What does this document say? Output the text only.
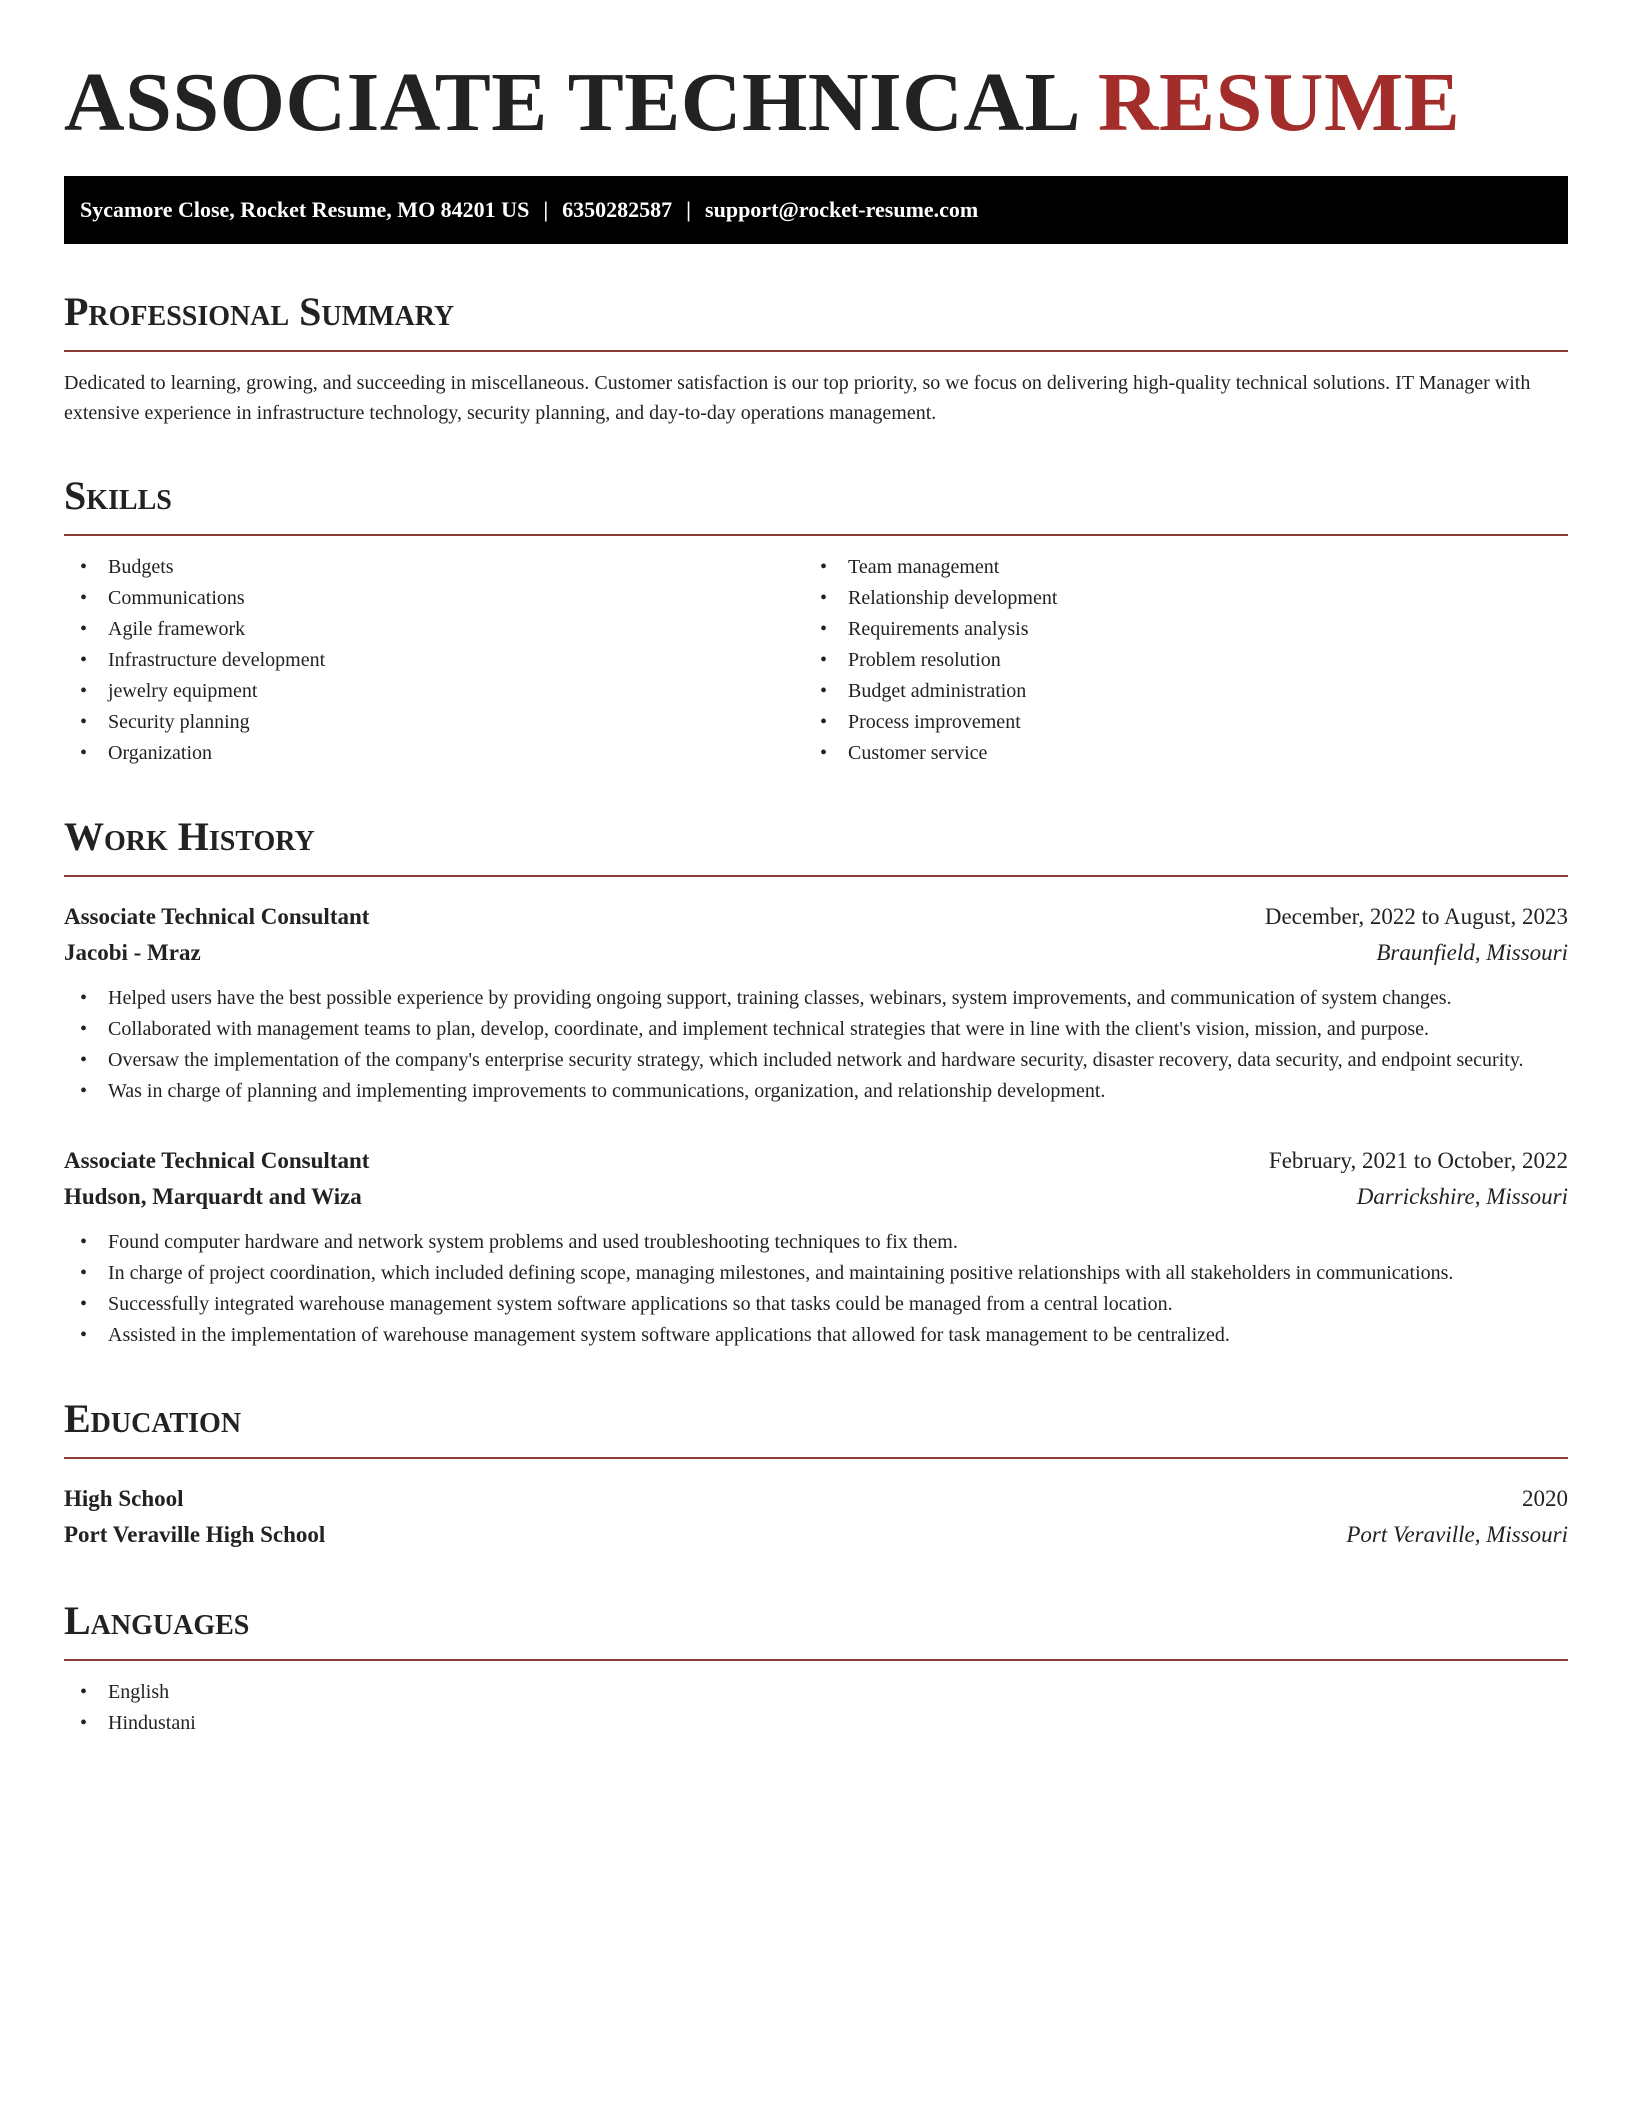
ASSOCIATE TECHNICAL RESUME
Sycamore Close, Rocket Resume, MO 84201 US | 6350282587 | support@rocket-resume.com
Professional Summary

Dedicated to learning, growing, and succeeding in miscellaneous. Customer satisfaction is our top priority, so we focus on delivering high-quality technical solutions. IT Manager with extensive experience in infrastructure technology, security planning, and day-to-day operations management.

Skills
• Budgets
• Communications
• Agile framework
• Infrastructure development
• jewelry equipment
• Security planning
• Organization
• Team management
• Relationship development
• Requirements analysis
• Problem resolution
• Budget administration
• Process improvement
• Customer service
Work History
Associate Technical Consultant	December, 2022 to August, 2023
Jacobi - Mraz	Braunfield, Missouri
• Helped users have the best possible experience by providing ongoing support, training classes, webinars, system improvements, and communication of system changes.
• Collaborated with management teams to plan, develop, coordinate, and implement technical strategies that were in line with the client's vision, mission, and purpose.
• Oversaw the implementation of the company's enterprise security strategy, which included network and hardware security, disaster recovery, data security, and endpoint security.
• Was in charge of planning and implementing improvements to communications, organization, and relationship development.
Associate Technical Consultant	February, 2021 to October, 2022
Hudson, Marquardt and Wiza	Darrickshire, Missouri
• Found computer hardware and network system problems and used troubleshooting techniques to fix them.
• In charge of project coordination, which included defining scope, managing milestones, and maintaining positive relationships with all stakeholders in communications.
• Successfully integrated warehouse management system software applications so that tasks could be managed from a central location.
• Assisted in the implementation of warehouse management system software applications that allowed for task management to be centralized.
Education
High School	2020
Port Veraville High School	Port Veraville, Missouri
Languages
• English
• Hindustani
